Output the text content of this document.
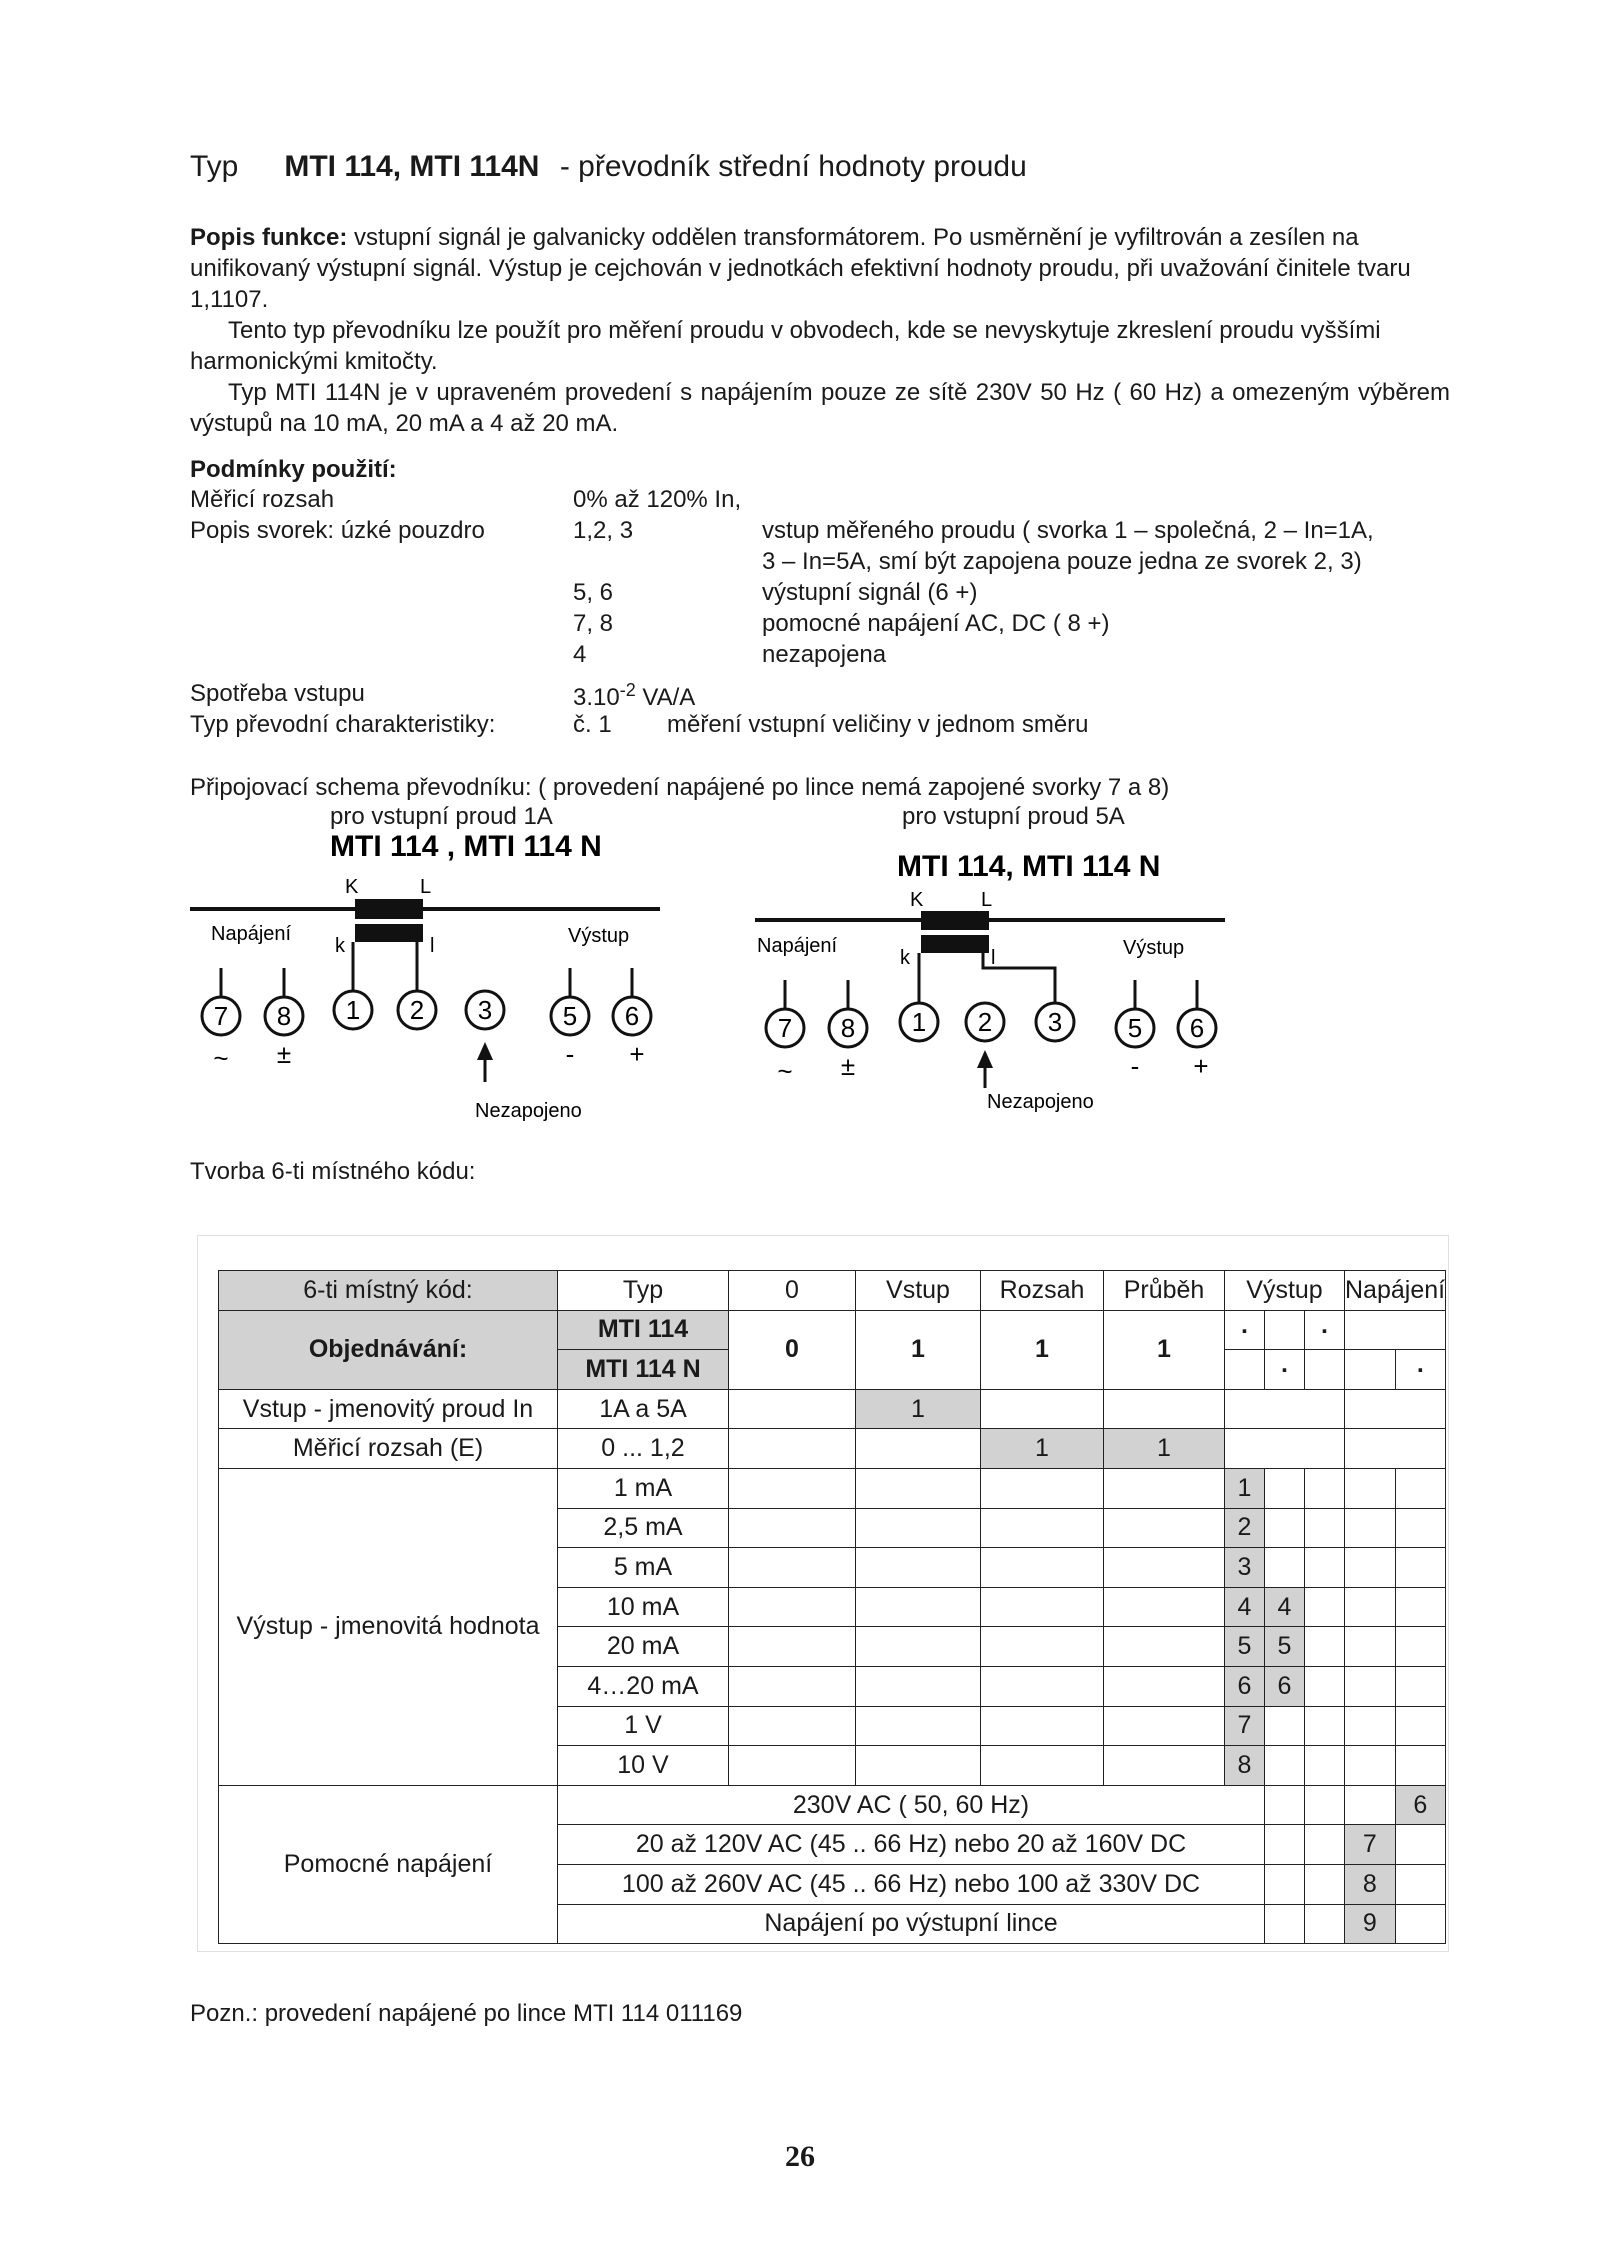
Typ MTI 114, MTI 114N - převodník střední hodnoty proudu
Popis funkce: vstupní signál je galvanicky oddělen transformátorem. Po usměrnění je vyfiltrován a zesílen na unifikovaný výstupní signál. Výstup je cejchován v jednotkách efektivní hodnoty proudu, při uvažování činitele tvaru 1,1107.
Tento typ převodníku lze použít pro měření proudu v obvodech, kde se nevyskytuje zkreslení proudu vyššími harmonickými kmitočty.
Typ MTI 114N je v upraveném provedení s napájením pouze ze sítě 230V 50 Hz ( 60 Hz) a omezeným výběrem výstupů na 10 mA, 20 mA a 4 až 20 mA.
Podmínky použití:
Měřicí rozsah	0% až 120% In,
Popis svorek: úzké pouzdro	1,2, 3	vstup měřeného proudu ( svorka 1 – společná, 2 – In=1A,
3 – In=5A, smí být zapojena pouze jedna ze svorek 2, 3)
5, 6	výstupní signál (6 +)
7, 8	pomocné napájení AC, DC ( 8 +)
4	nezapojena
Spotřeba vstupu	$3.10^{-2}$ VA/A
Typ převodní charakteristiky:	č. 1 měření vstupní veličiny v jednom směru
Připojovací schema převodníku: ( provedení napájené po lince nemá zapojené svorky 7 a 8)
pro vstupní proud 1A	pro vstupní proud 5A
MTI 114 , MTI 114 N
K	L
k	l
Napájení	Výstup
7 8 1 2 3	5 6
~ ±	- +
Nezapojeno
MTI 114, MTI 114 N
K	L
k	l
Napájení	Výstup
7 8 1 2 3	5 6
~ ±	- +
Nezapojeno
Tvorba 6-ti místného kódu:
6-ti místný kód:	Typ	0	Vstup	Rozsah	Průběh	Výstup			Napájení	
Objednávání:	MTI 114	0	1	1	1	.		.		
	MTI 114 N						.			.
Vstup - jmenovitý proud In	1A a 5A		1							
Měřicí rozsah (E)	0 ... 1,2			1	1					
Výstup - jmenovitá hodnota	1 mA					1				
	2,5 mA					2				
	5 mA					3				
	10 mA					4	4			
	20 mA					5	5			
	4…20 mA					6	6			
	1 V					7				
	10 V					8				
Pomocné napájení	230V AC ( 50, 60 Hz)									6
	20 až 120V AC (45 .. 66 Hz) nebo 20 až 160V DC								7	
	100 až 260V AC (45 .. 66 Hz) nebo 100 až 330V DC								8	
	Napájení po výstupní lince								9	
Pozn.: provedení napájené po lince MTI 114 011169
26
